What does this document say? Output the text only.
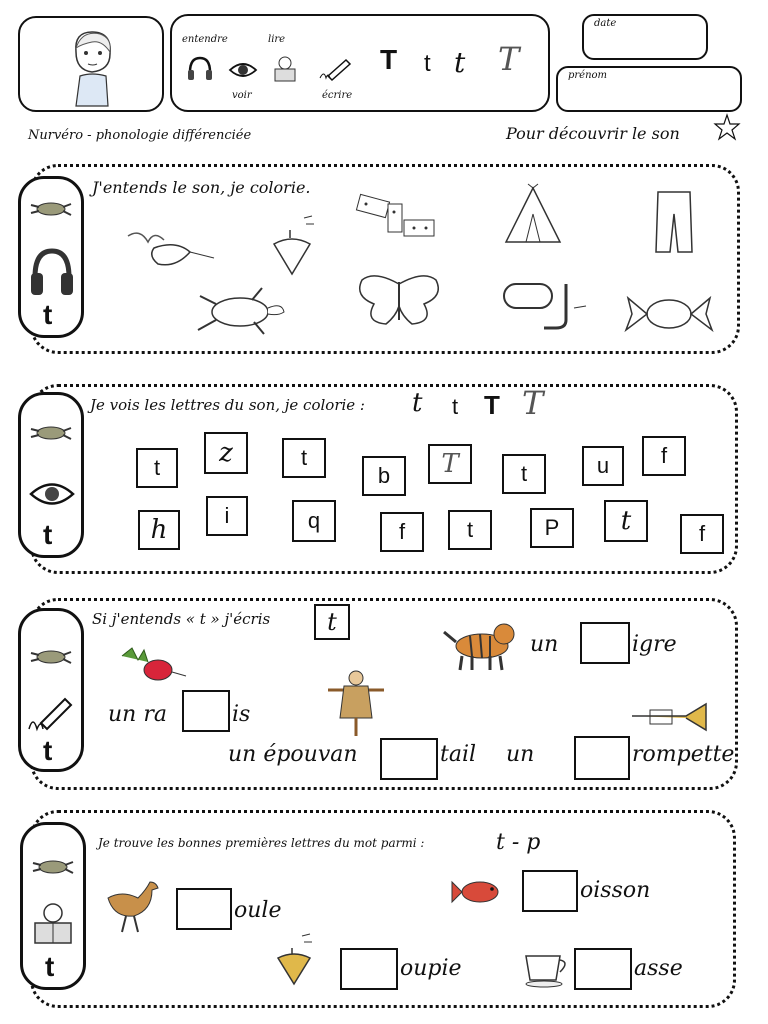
entendre	lire
voir	écrire
T t t T
date
prénom
Nurvéro - phonologie différenciée	Pour découvrir le son
t
J'entends le son, je colorie.
t
Je vois les lettres du son, je colorie : t t T T
t	z	t
b	T	t	u	f
h	i	q	f	t	P	t	f
t
Si j'entends « t » j'écris	t
un	igre
un ra	is
un épouvan	tail un	rompette
t
Je trouve les bonnes premières lettres du mot parmi :	t - p
oule
oisson
oupie	asse
